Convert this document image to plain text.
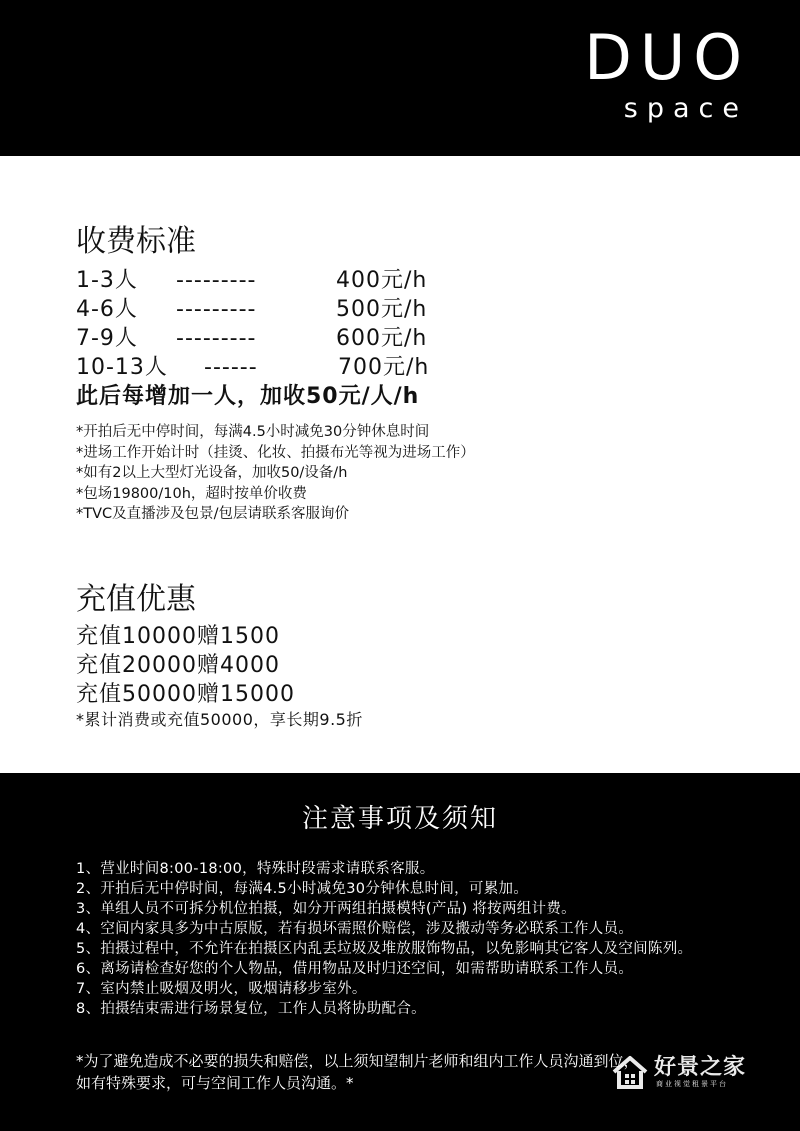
DUO
space
收费标准
1-3人 ---------	400元/h
4-6人 ---------	500元/h
7-9人 ---------	600元/h
10-13人 ------	700元/h
此后每增加一人，加收50元/人/h
*开拍后无中停时间，每满4.5小时减免30分钟休息时间
*进场工作开始计时（挂烫、化妆、拍摄布光等视为进场工作）
*如有2以上大型灯光设备，加收50/设备/h
*包场19800/10h，超时按单价收费
*TVC及直播涉及包景/包层请联系客服询价
充值优惠
充值10000赠1500
充值20000赠4000
充值50000赠15000
*累计消费或充值50000，享长期9.5折
注意事项及须知
1、营业时间8:00-18:00，特殊时段需求请联系客服。
2、开拍后无中停时间，每满4.5小时减免30分钟休息时间，可累加。
3、单组人员不可拆分机位拍摄，如分开两组拍摄模特(产品) 将按两组计费。
4、空间内家具多为中古原版，若有损坏需照价赔偿，涉及搬动等务必联系工作人员。
5、拍摄过程中，不允许在拍摄区内乱丢垃圾及堆放服饰物品，以免影响其它客人及空间陈列。
6、离场请检查好您的个人物品，借用物品及时归还空间，如需帮助请联系工作人员。
7、室内禁止吸烟及明火，吸烟请移步室外。
8、拍摄结束需进行场景复位，工作人员将协助配合。
*为了避免造成不必要的损失和赔偿，以上须知望制片老师和组内工作人员沟通到位，
如有特殊要求，可与空间工作人员沟通。*
好景之家
商业视觉租景平台
